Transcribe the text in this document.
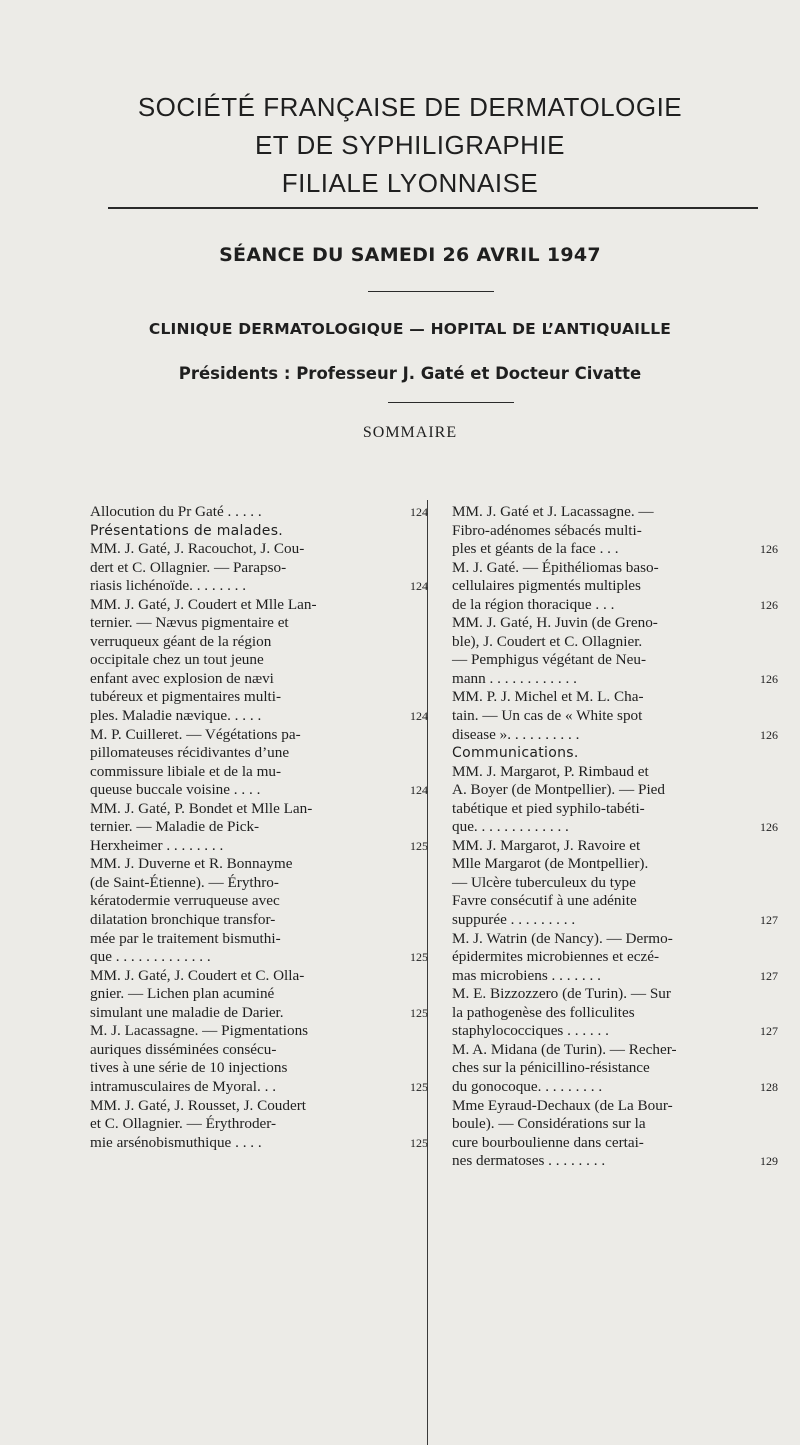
SOCIÉTÉ FRANÇAISE DE DERMATOLOGIE
ET DE SYPHILIGRAPHIE
FILIALE LYONNAISE
SÉANCE DU SAMEDI 26 AVRIL 1947
CLINIQUE DERMATOLOGIQUE — HOPITAL DE L’ANTIQUAILLE
Présidents : Professeur J. Gaté et Docteur Civatte
SOMMAIRE
Allocution du Pr Gaté . . . . .	124
Présentations de malades.
MM. J. Gaté, J. Racouchot, J. Cou-
dert et C. Ollagnier. — Parapso-
riasis lichénoïde. . . . . . . .	124
MM. J. Gaté, J. Coudert et Mlle Lan-
ternier. — Nævus pigmentaire et
verruqueux géant de la région
occipitale chez un tout jeune
enfant avec explosion de nævi
tubéreux et pigmentaires multi-
ples. Maladie nævique. . . . .	124
M. P. Cuilleret. — Végétations pa-
pillomateuses récidivantes d’une
commissure libiale et de la mu-
queuse buccale voisine . . . .	124
MM. J. Gaté, P. Bondet et Mlle Lan-
ternier. — Maladie de Pick-
Herxheimer . . . . . . . .	125
MM. J. Duverne et R. Bonnayme
(de Saint-Étienne). — Érythro-
kératodermie verruqueuse avec
dilatation bronchique transfor-
mée par le traitement bismuthi-
que . . . . . . . . . . . . .	125
MM. J. Gaté, J. Coudert et C. Olla-
gnier. — Lichen plan acuminé
simulant une maladie de Darier.	125
M. J. Lacassagne. — Pigmentations
auriques disséminées consécu-
tives à une série de 10 injections
intramusculaires de Myoral. . .	125
MM. J. Gaté, J. Rousset, J. Coudert
et C. Ollagnier. — Érythroder-
mie arsénobismuthique . . . .	125
MM. J. Gaté et J. Lacassagne. —
Fibro-adénomes sébacés multi-
ples et géants de la face . . .	126
M. J. Gaté. — Épithéliomas baso-
cellulaires pigmentés multiples
de la région thoracique . . .	126
MM. J. Gaté, H. Juvin (de Greno-
ble), J. Coudert et C. Ollagnier.
— Pemphigus végétant de Neu-
mann . . . . . . . . . . . .	126
MM. P. J. Michel et M. L. Cha-
tain. — Un cas de « White spot
disease ». . . . . . . . . .	126
Communications.
MM. J. Margarot, P. Rimbaud et
A. Boyer (de Montpellier). — Pied
tabétique et pied syphilo-tabéti-
que. . . . . . . . . . . . .	126
MM. J. Margarot, J. Ravoire et
Mlle Margarot (de Montpellier).
— Ulcère tuberculeux du type
Favre consécutif à une adénite
suppurée . . . . . . . . .	127
M. J. Watrin (de Nancy). — Dermo-
épidermites microbiennes et eczé-
mas microbiens . . . . . . .	127
M. E. Bizzozzero (de Turin). — Sur
la pathogenèse des folliculites
staphylococciques . . . . . .	127
M. A. Midana (de Turin). — Recher-
ches sur la pénicillino-résistance
du gonocoque. . . . . . . . .	128
Mme Eyraud-Dechaux (de La Bour-
boule). — Considérations sur la
cure bourboulienne dans certai-
nes dermatoses . . . . . . . .	129
